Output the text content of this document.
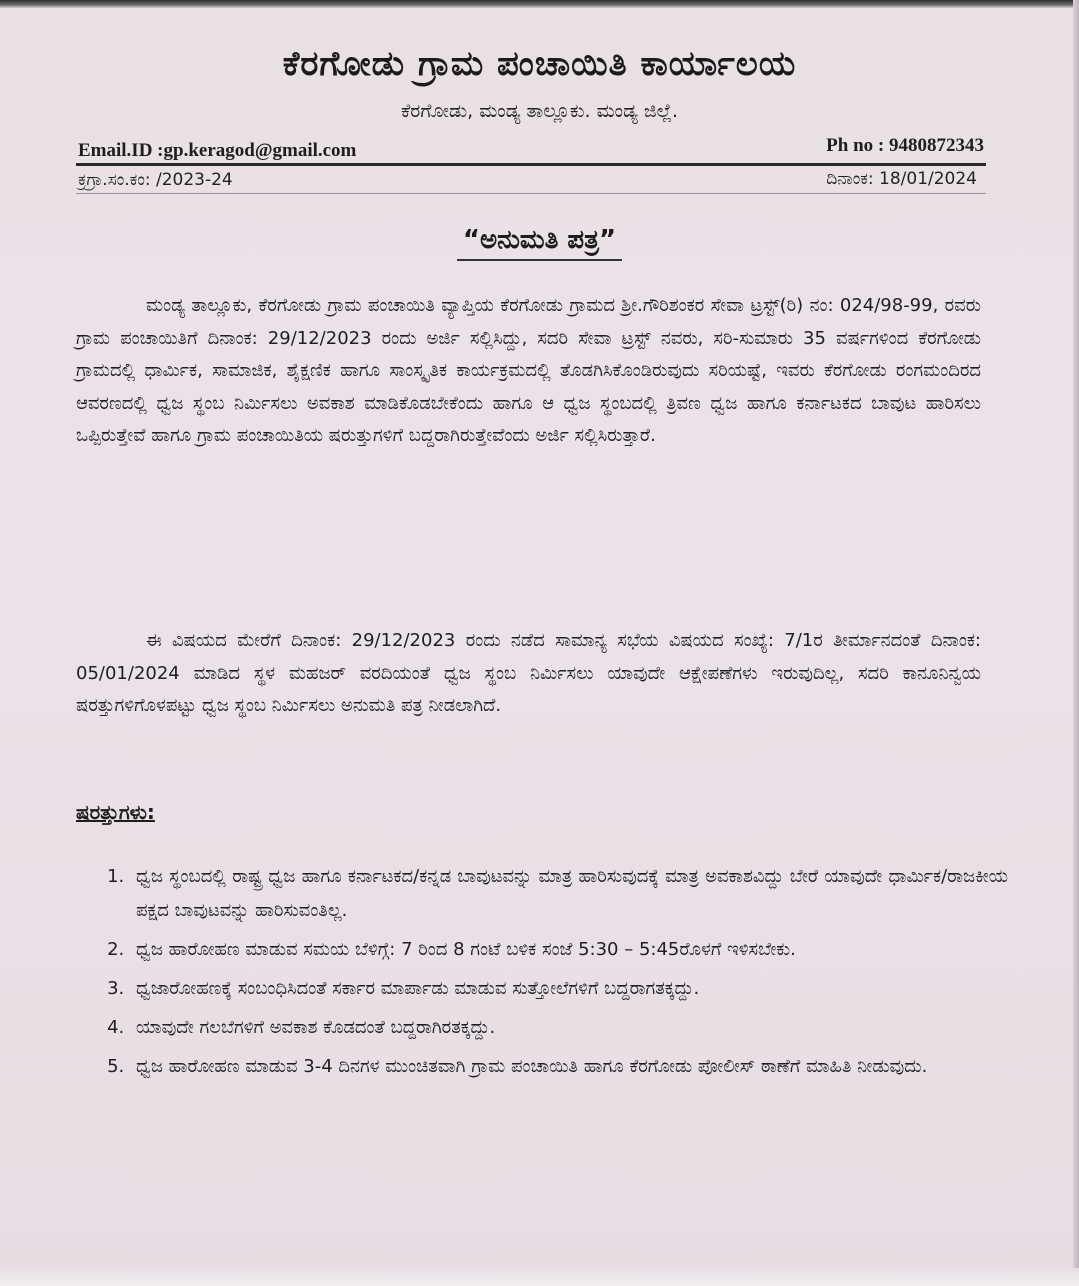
ಕೆರಗೋಡು ಗ್ರಾಮ ಪಂಚಾಯಿತಿ ಕಾರ್ಯಾಲಯ
ಕೆರಗೋಡು, ಮಂಡ್ಯ ತಾಲ್ಲೂಕು. ಮಂಡ್ಯ ಜಿಲ್ಲೆ.
Email.ID :gp.keragod@gmail.com	Ph no : 9480872343
ಕ್ರಗ್ರಾ.ಸಂ.ಕಂ: /2023-24	ದಿನಾಂಕ: 18/01/2024
“ಅನುಮತಿ ಪತ್ರ”

ಮಂಡ್ಯ ತಾಲ್ಲೂಕು, ಕೆರಗೋಡು ಗ್ರಾಮ ಪಂಚಾಯಿತಿ ವ್ಯಾಪ್ತಿಯ ಕೆರಗೋಡು ಗ್ರಾಮದ ಶ್ರೀ.ಗೌರಿಶಂಕರ ಸೇವಾ ಟ್ರಸ್ಟ್(ರಿ) ನಂ: 024/98-99, ರವರು ಗ್ರಾಮ ಪಂಚಾಯಿತಿಗೆ ದಿನಾಂಕ: 29/12/2023 ರಂದು ಅರ್ಜಿ ಸಲ್ಲಿಸಿದ್ದು, ಸದರಿ ಸೇವಾ ಟ್ರಸ್ಟ್ ನವರು, ಸರಿ-ಸುಮಾರು 35 ವರ್ಷಗಳಿಂದ ಕೆರಗೋಡು ಗ್ರಾಮದಲ್ಲಿ ಧಾರ್ಮಿಕ, ಸಾಮಾಜಿಕ, ಶೈಕ್ಷಣಿಕ ಹಾಗೂ ಸಾಂಸ್ಕೃತಿಕ ಕಾರ್ಯಕ್ರಮದಲ್ಲಿ ತೊಡಗಿಸಿಕೊಂಡಿರುವುದು ಸರಿಯಷ್ಟೆ, ಇವರು ಕೆರಗೋಡು ರಂಗಮಂದಿರದ ಆವರಣದಲ್ಲಿ ಧ್ವಜ ಸ್ಥಂಬ ನಿರ್ಮಿಸಲು ಅವಕಾಶ ಮಾಡಿಕೊಡಬೇಕೆಂದು ಹಾಗೂ ಆ ಧ್ವಜ ಸ್ಥಂಬದಲ್ಲಿ ತ್ರಿವಣ ಧ್ವಜ ಹಾಗೂ ಕರ್ನಾಟಕದ ಬಾವುಟ ಹಾರಿಸಲು ಒಪ್ಪಿರುತ್ತೇವೆ ಹಾಗೂ ಗ್ರಾಮ ಪಂಚಾಯಿತಿಯ ಷರುತ್ತುಗಳಿಗೆ ಬದ್ದರಾಗಿರುತ್ತೇವೆಂದು ಅರ್ಜಿ ಸಲ್ಲಿಸಿರುತ್ತಾರೆ.

ಈ ವಿಷಯದ ಮೇರೆಗೆ ದಿನಾಂಕ: 29/12/2023 ರಂದು ನಡೆದ ಸಾಮಾನ್ಯ ಸಭೆಯ ವಿಷಯದ ಸಂಖ್ಯೆ: 7/1ರ ತೀರ್ಮಾನದಂತೆ ದಿನಾಂಕ: 05/01/2024 ಮಾಡಿದ ಸ್ಥಳ ಮಹಜರ್ ವರದಿಯಂತೆ ಧ್ವಜ ಸ್ಥಂಬ ನಿರ್ಮಿಸಲು ಯಾವುದೇ ಆಕ್ಷೇಪಣೆಗಳು ಇರುವುದಿಲ್ಲ, ಸದರಿ ಕಾನೂನಿನ್ವಯ ಷರತ್ತುಗಳಿಗೊಳಪಟ್ಟು ಧ್ವಜ ಸ್ಥಂಬ ನಿರ್ಮಿಸಲು ಅನುಮತಿ ಪತ್ರ ನೀಡಲಾಗಿದೆ.

ಷರತ್ತುಗಳು:
1. ಧ್ವಜ ಸ್ಥಂಬದಲ್ಲಿ ರಾಷ್ಟ್ರ ಧ್ವಜ ಹಾಗೂ ಕರ್ನಾಟಕದ/ಕನ್ನಡ ಬಾವುಟವನ್ನು ಮಾತ್ರ ಹಾರಿಸುವುದಕ್ಕೆ ಮಾತ್ರ ಅವಕಾಶವಿದ್ದು ಬೇರೆ ಯಾವುದೇ ಧಾರ್ಮಿಕ/ರಾಜಕೀಯ ಪಕ್ಷದ ಬಾವುಟವನ್ನು ಹಾರಿಸುವಂತಿಲ್ಲ.
2. ಧ್ವಜ ಹಾರೋಹಣ ಮಾಡುವ ಸಮಯ ಬೆಳಿಗ್ಗೆ: 7 ರಿಂದ 8 ಗಂಟೆ ಬಳಿಕ ಸಂಜೆ 5:30 – 5:45ರೊಳಗೆ ಇಳಿಸಬೇಕು.
3. ಧ್ವಜಾರೋಹಣಕ್ಕೆ ಸಂಬಂಧಿಸಿದಂತೆ ಸರ್ಕಾರ ಮಾರ್ಪಾಡು ಮಾಡುವ ಸುತ್ತೋಲೆಗಳಿಗೆ ಬದ್ದರಾಗತಕ್ಕದ್ದು.
4. ಯಾವುದೇ ಗಲಬೆಗಳಿಗೆ ಅವಕಾಶ ಕೊಡದಂತೆ ಬದ್ದರಾಗಿರತಕ್ಕದ್ದು.
5. ಧ್ವಜ ಹಾರೋಹಣ ಮಾಡುವ 3-4 ದಿನಗಳ ಮುಂಚಿತವಾಗಿ ಗ್ರಾಮ ಪಂಚಾಯಿತಿ ಹಾಗೂ ಕೆರಗೋಡು ಪೋಲೀಸ್ ಠಾಣೆಗೆ ಮಾಹಿತಿ ನೀಡುವುದು.
